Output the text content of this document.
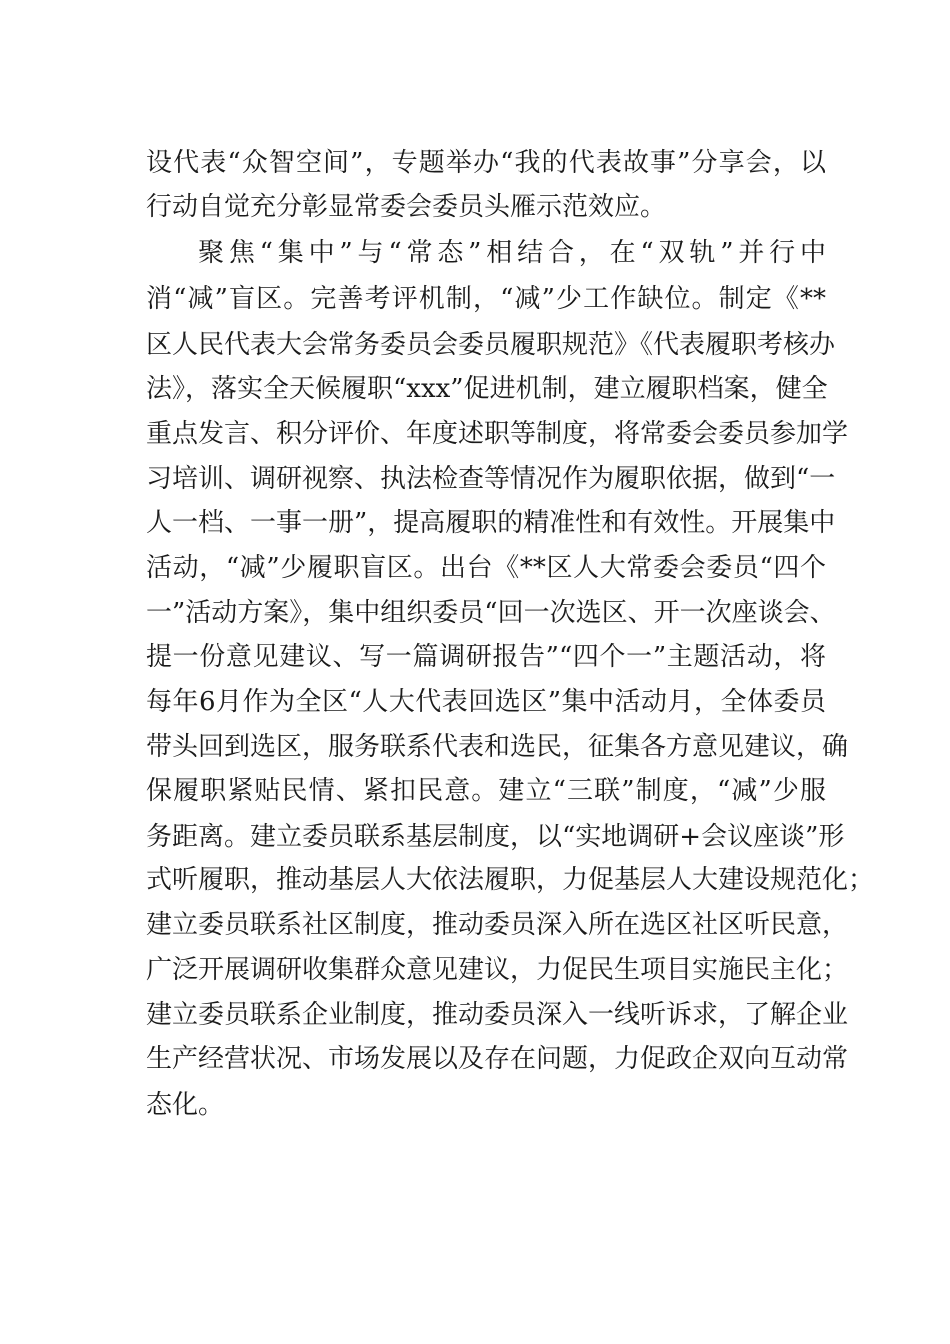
设代表“众智空间”，专题举办“我的代表故事”分享会，以
行动自觉充分彰显常委会委员头雁示范效应。
聚焦“集中”与“常态”相结合，在“双轨”并行中
消“减”盲区。完善考评机制，“减”少工作缺位。制定《**
区人民代表大会常务委员会委员履职规范》《代表履职考核办
法》，落实全天候履职“xxx”促进机制，建立履职档案，健全
重点发言、积分评价、年度述职等制度，将常委会委员参加学
习培训、调研视察、执法检查等情况作为履职依据，做到“一
人一档、一事一册”，提高履职的精准性和有效性。开展集中
活动，“减”少履职盲区。出台《**区人大常委会委员“四个
一”活动方案》，集中组织委员“回一次选区、开一次座谈会、
提一份意见建议、写一篇调研报告”“四个一”主题活动，将
每年6月作为全区“人大代表回选区”集中活动月，全体委员
带头回到选区，服务联系代表和选民，征集各方意见建议，确
保履职紧贴民情、紧扣民意。建立“三联”制度，“减”少服
务距离。建立委员联系基层制度，以“实地调研+会议座谈”形
式听履职，推动基层人大依法履职，力促基层人大建设规范化；
建立委员联系社区制度，推动委员深入所在选区社区听民意，
广泛开展调研收集群众意见建议，力促民生项目实施民主化；
建立委员联系企业制度，推动委员深入一线听诉求，了解企业
生产经营状况、市场发展以及存在问题，力促政企双向互动常
态化。
